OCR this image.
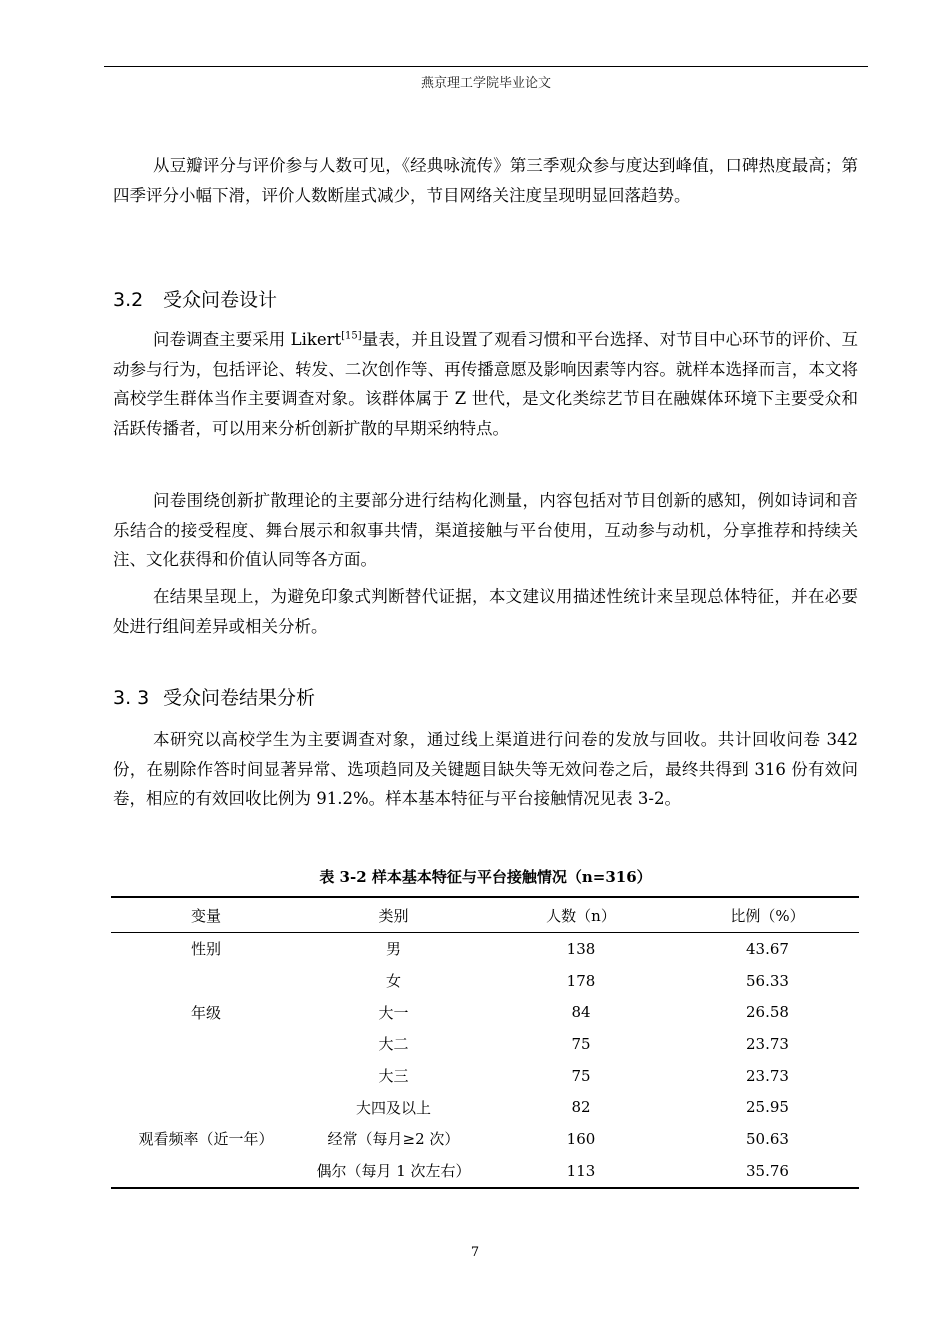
燕京理工学院毕业论文

从豆瓣评分与评价参与人数可见，《经典咏流传》第三季观众参与度达到峰值，口碑热度最高；第四季评分小幅下滑，评价人数断崖式减少，节目网络关注度呈现明显回落趋势。

3.2 受众问卷设计

问卷调查主要采用 Likert[15]量表，并且设置了观看习惯和平台选择、对节目中心环节的评价、互动参与行为，包括评论、转发、二次创作等、再传播意愿及影响因素等内容。就样本选择而言，本文将高校学生群体当作主要调查对象。该群体属于 Z 世代，是文化类综艺节目在融媒体环境下主要受众和活跃传播者，可以用来分析创新扩散的早期采纳特点。

问卷围绕创新扩散理论的主要部分进行结构化测量，内容包括对节目创新的感知，例如诗词和音乐结合的接受程度、舞台展示和叙事共情，渠道接触与平台使用，互动参与动机，分享推荐和持续关注、文化获得和价值认同等各方面。

在结果呈现上，为避免印象式判断替代证据，本文建议用描述性统计来呈现总体特征，并在必要处进行组间差异或相关分析。

3. 3 受众问卷结果分析

本研究以高校学生为主要调查对象，通过线上渠道进行问卷的发放与回收。共计回收问卷 342 份，在剔除作答时间显著异常、选项趋同及关键题目缺失等无效问卷之后，最终共得到 316 份有效问卷，相应的有效回收比例为 91.2%。样本基本特征与平台接触情况见表 3-2。

表 3-2 样本基本特征与平台接触情况（n=316）
变量	类别	人数（n）	比例（%）
性别	男	138	43.67
	女	178	56.33
年级	大一	84	26.58
	大二	75	23.73
	大三	75	23.73
	大四及以上	82	25.95
观看频率（近一年）	经常（每月≥2 次）	160	50.63
	偶尔（每月 1 次左右）	113	35.76
7
